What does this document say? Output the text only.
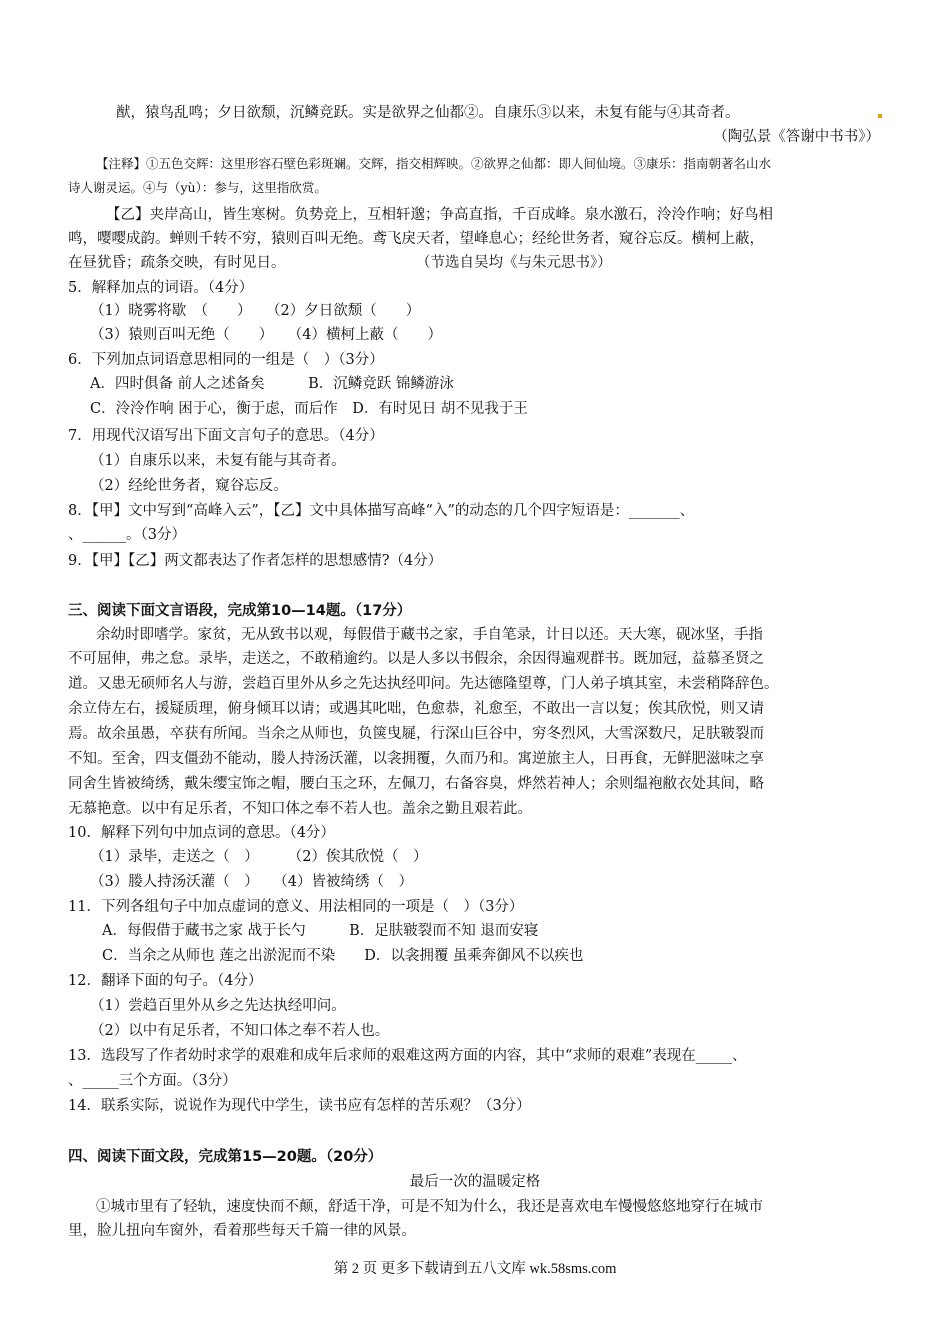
猷，猿鸟乱鸣；夕日欲颓，沉鳞竞跃。实是欲界之仙都②。自康乐③以来，未复有能与④其奇者。
（陶弘景《答谢中书书》）
【注释】①五色交辉：这里形容石壁色彩斑斓。交辉，指交相辉映。②欲界之仙都：即人间仙境。③康乐：指南朝著名山水
诗人谢灵运。④与（yù）：参与，这里指欣赏。
【乙】夹岸高山，皆生寒树。负势竞上，互相轩邈；争高直指，千百成峰。泉水激石，泠泠作响；好鸟相
鸣，嘤嘤成韵。蝉则千转不穷，猿则百叫无绝。鸢飞戾天者，望峰息心；经纶世务者，窥谷忘反。横柯上蔽，
在昼犹昏；疏条交映，有时见日。　　　　　　　　　　（节选自吴均《与朱元思书》）
5．解释加点的词语。（4分）
（1）晓雾将歇　（　　）　　（2）夕日欲颓（　　）
（3）猿则百叫无绝（　　）　　（4）横柯上蔽（　　）
6．下列加点词语意思相同的一组是（　）（3分）
A．四时俱备 前人之述备矣　　　B．沉鳞竞跃 锦鳞游泳
C．泠泠作响 困于心，衡于虑，而后作　D．有时见日 胡不见我于王
7．用现代汉语写出下面文言句子的意思。（4分）
（1）自康乐以来，未复有能与其奇者。
（2）经纶世务者，窥谷忘反。
8．【甲】文中写到“高峰入云”，【乙】文中具体描写高峰“入”的动态的几个四字短语是：_______、
、______。（3分）
9．【甲】【乙】两文都表达了作者怎样的思想感情?（4分）
三、阅读下面文言语段，完成第10—14题。（17分）
余幼时即嗜学。家贫，无从致书以观，每假借于藏书之家，手自笔录，计日以还。天大寒，砚冰坚，手指
不可屈伸，弗之怠。录毕，走送之，不敢稍逾约。以是人多以书假余，余因得遍观群书。既加冠，益慕圣贤之
道。又患无硕师名人与游，尝趋百里外从乡之先达执经叩问。先达德隆望尊，门人弟子填其室，未尝稍降辞色。
余立侍左右，援疑质理，俯身倾耳以请；或遇其叱咄，色愈恭，礼愈至，不敢出一言以复；俟其欣悦，则又请
焉。故余虽愚，卒获有所闻。当余之从师也，负箧曳屣，行深山巨谷中，穷冬烈风，大雪深数尺，足肤皲裂而
不知。至舍，四支僵劲不能动，媵人持汤沃灌，以衾拥覆，久而乃和。寓逆旅主人，日再食，无鲜肥滋味之享
同舍生皆被绮绣，戴朱缨宝饰之帽，腰白玉之环，左佩刀，右备容臭，烨然若神人；余则缊袍敝衣处其间，略
无慕艳意。以中有足乐者，不知口体之奉不若人也。盖余之勤且艰若此。
10．解释下列句中加点词的意思。（4分）
（1）录毕，走送之（　）　　　（2）俟其欣悦（　）
（3）媵人持汤沃灌（　）　　（4）皆被绮绣（　）
11．下列各组句子中加点虚词的意义、用法相同的一项是（　）（3分）
A．每假借于藏书之家 战于长勺　　　B．足肤皲裂而不知 退而安寝
C．当余之从师也 莲之出淤泥而不染　　D．以衾拥覆 虽乘奔御风不以疾也
12．翻译下面的句子。（4分）
（1）尝趋百里外从乡之先达执经叩问。
（2）以中有足乐者，不知口体之奉不若人也。
13．选段写了作者幼时求学的艰难和成年后求师的艰难这两方面的内容，其中“求师的艰难”表现在_____、
、_____三个方面。（3分）
14．联系实际，说说作为现代中学生，读书应有怎样的苦乐观？（3分）
四、阅读下面文段，完成第15—20题。（20分）
最后一次的温暖定格
①城市里有了轻轨，速度快而不颠，舒适干净，可是不知为什么，我还是喜欢电车慢慢悠悠地穿行在城市
里，脸儿扭向车窗外，看着那些每天千篇一律的风景。
第 2 页 更多下载请到五八文库 wk.58sms.com
